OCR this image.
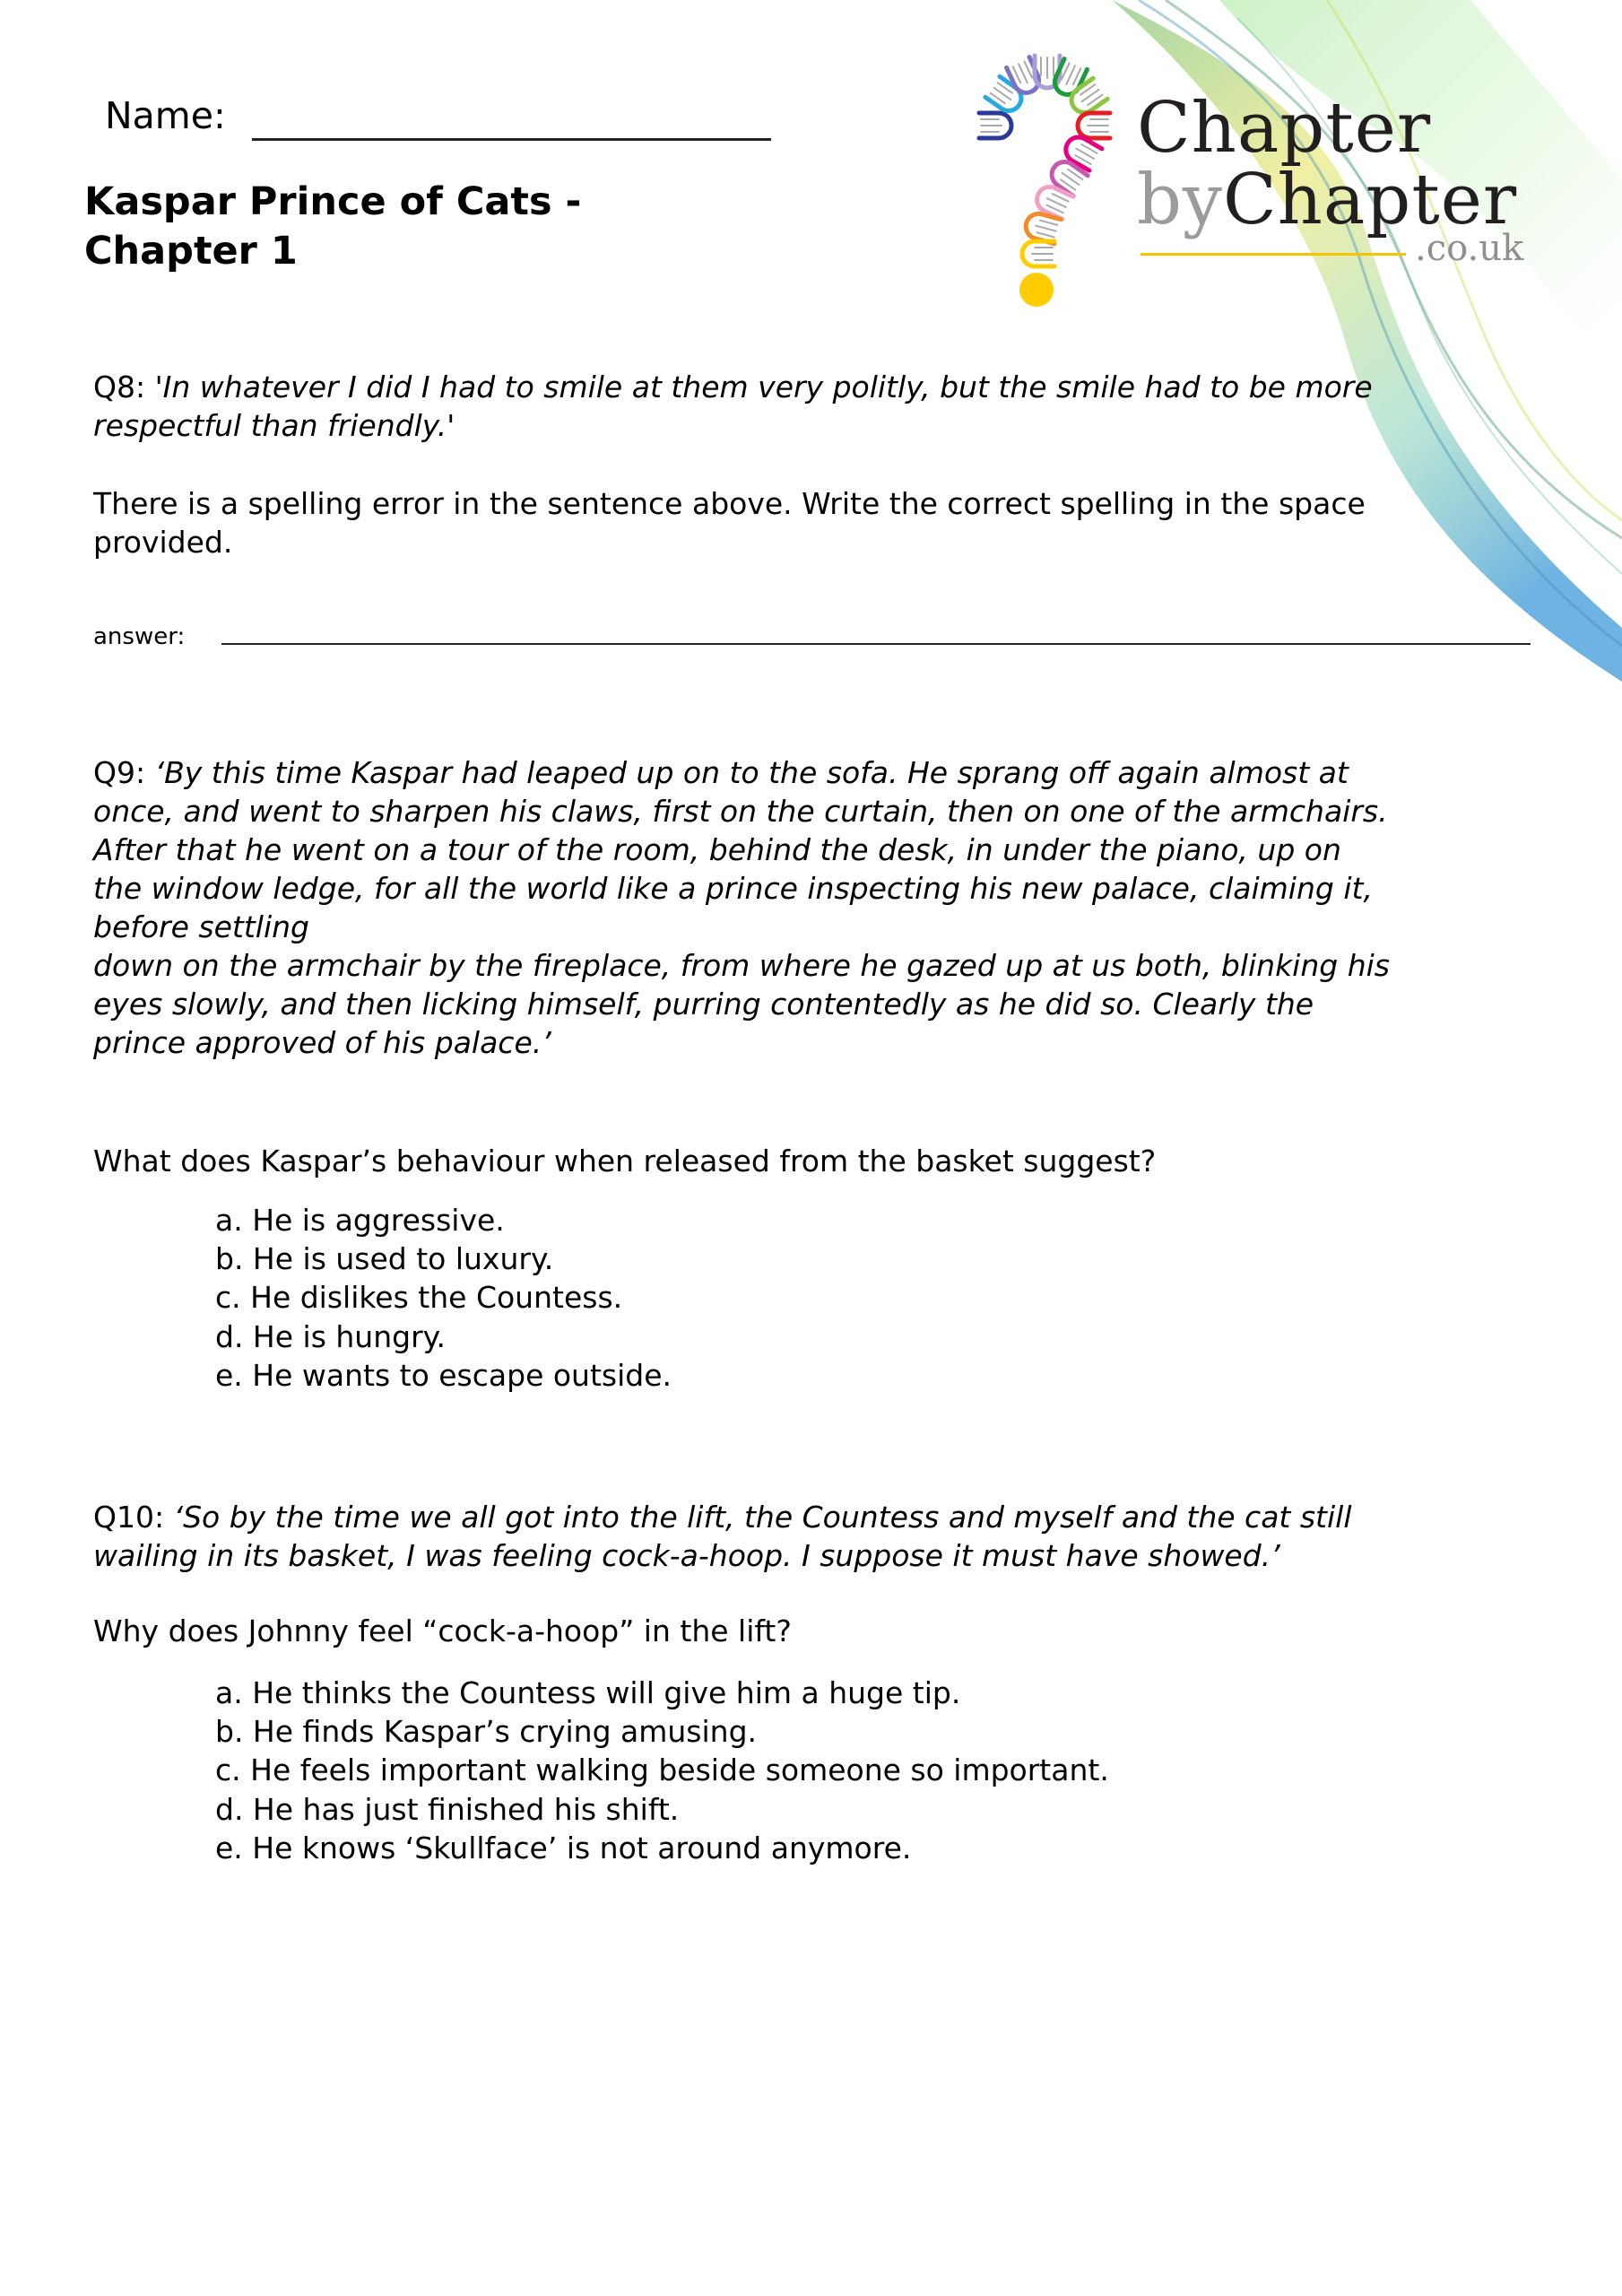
Name:
Kaspar Prince of Cats -
Chapter 1
Chapter
byChapter
.co.uk
Q8: 'In whatever I did I had to smile at them very politly, but the smile had to be more
respectful than friendly.'
There is a spelling error in the sentence above. Write the correct spelling in the space
provided.
answer:
Q9: ‘By this time Kaspar had leaped up on to the sofa. He sprang off again almost at
once, and went to sharpen his claws, first on the curtain, then on one of the armchairs.
After that he went on a tour of the room, behind the desk, in under the piano, up on
the window ledge, for all the world like a prince inspecting his new palace, claiming it,
before settling
down on the armchair by the fireplace, from where he gazed up at us both, blinking his
eyes slowly, and then licking himself, purring contentedly as he did so. Clearly the
prince approved of his palace.’
What does Kaspar’s behaviour when released from the basket suggest?
a. He is aggressive.
b. He is used to luxury.
c. He dislikes the Countess.
d. He is hungry.
e. He wants to escape outside.
Q10: ‘So by the time we all got into the lift, the Countess and myself and the cat still
wailing in its basket, I was feeling cock-a-hoop. I suppose it must have showed.’
Why does Johnny feel “cock-a-hoop” in the lift?
a. He thinks the Countess will give him a huge tip.
b. He finds Kaspar’s crying amusing.
c. He feels important walking beside someone so important.
d. He has just finished his shift.
e. He knows ‘Skullface’ is not around anymore.
